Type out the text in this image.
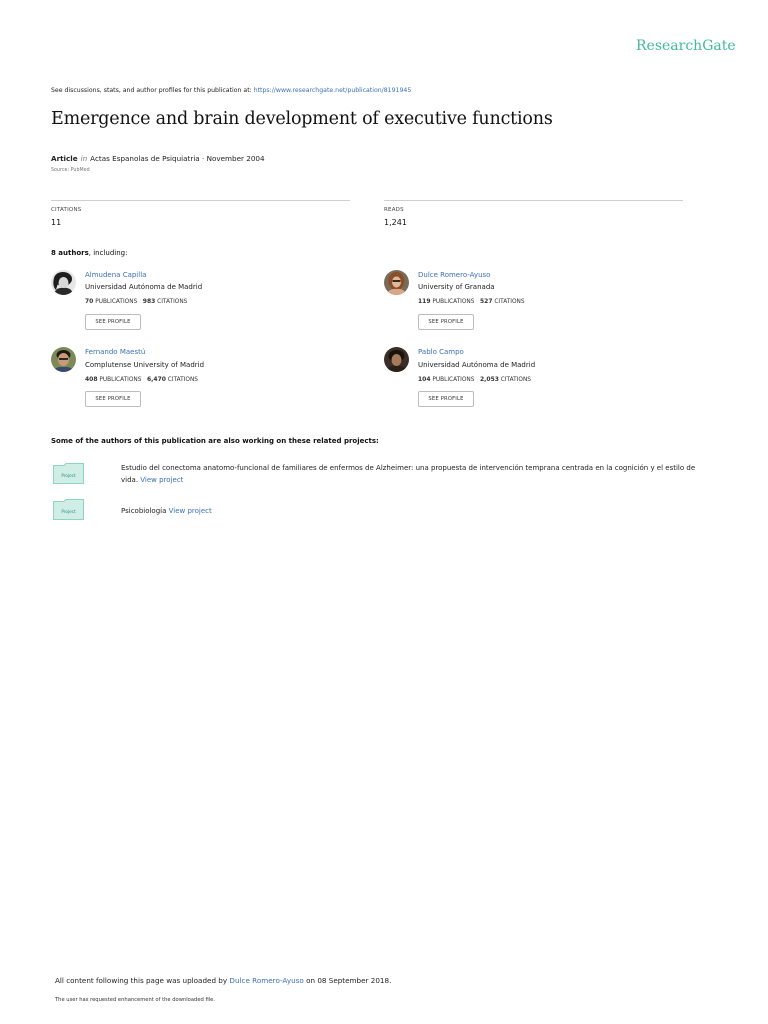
ResearchGate
See discussions, stats, and author profiles for this publication at: https://www.researchgate.net/publication/8191945
Emergence and brain development of executive functions
Article in Actas Espanolas de Psiquiatria · November 2004
Source: PubMed
CITATIONS
11
READS
1,241
8 authors, including:
Almudena Capilla
Universidad Autónoma de Madrid
70 PUBLICATIONS 983 CITATIONS
SEE PROFILE
Dulce Romero-Ayuso
University of Granada
119 PUBLICATIONS 527 CITATIONS
SEE PROFILE
Fernando Maestú
Complutense University of Madrid
408 PUBLICATIONS 6,470 CITATIONS
SEE PROFILE
Pablo Campo
Universidad Autónoma de Madrid
104 PUBLICATIONS 2,053 CITATIONS
SEE PROFILE
Some of the authors of this publication are also working on these related projects:
Project
Estudio del conectoma anatomo-funcional de familiares de enfermos de Alzheimer: una propuesta de intervención temprana centrada en la cognición y el estilo de vida. View project
Project	Psicobiología View project
All content following this page was uploaded by Dulce Romero-Ayuso on 08 September 2018.
The user has requested enhancement of the downloaded file.
